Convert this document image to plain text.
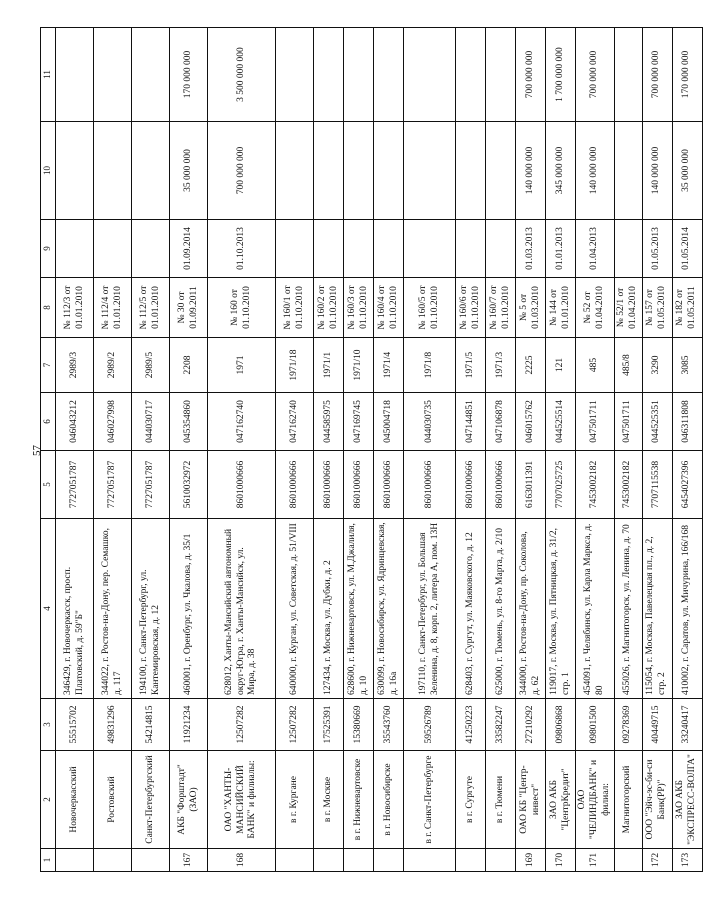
57
1	2	3	4	5	6	7	8	9	10	11
	Новочеркасский	55515702	346429, г. Новочеркасск, просп. Платовский, д. 59"Б"	7727051787	046043212	2989/3	№ 112/3 от 01.01.2010			
	Ростовский	49831296	344022, г. Ростов-на-Дону, пер. Семашко, д. 117	7727051787	046027998	2989/2	№ 112/4 от 01.01.2010			
	Санкт-Петербургский	54214815	194100, г. Санкт-Петербург, ул. Кантемировская, д. 12	7727051787	044030717	2989/5	№ 112/5 от 01.01.2010			
167	АКБ "Форштадт" (ЗАО)	11921234	460001, г. Оренбург, ул. Чкалова, д. 35/1	5610032972	045354860	2208	№ 30 от 01.09.2011	01.09.2014	35 000 000	170 000 000
168	ОАО "ХАНТЫ-МАНСИЙСКИЙ БАНК" и филиалы:	12507282	628012, Ханты-Мансийский автономный округ-Югра, г. Ханты-Мансийск, ул. Мира, д. 38	8601000666	047162740	1971	№ 160 от 01.10.2010	01.10.2013	700 000 000	3 500 000 000
	в г. Кургане	12507282	640000, г. Курган, ул. Советская, д. 51/VIII	8601000666	047162740	1971/18	№ 160/1 от 01.10.2010			
	в г. Москве	17525391	127434, г. Москва, ул. Дубки, д. 2	8601000666	044585975	1971/1	№ 160/2 от 01.10.2010			
	в г. Нижневартовске	15380669	628600, г. Нижневартовск, ул. М.Джалиля, д. 10	8601000666	047169745	1971/10	№ 160/3 от 01.10.2010			
	в г. Новосибирске	35543760	630099, г. Новосибирск, ул. Ядринцевская, д. 16а	8601000666	045004718	1971/4	№ 160/4 от 01.10.2010			
	в г. Санкт-Петербурге	59526789	197110, г. Санкт-Петербург, ул. Большая Зеленина, д. 8, корп. 2, литера А, пом. 13Н	8601000666	044030735	1971/8	№ 160/5 от 01.10.2010			
	в г. Сургуте	41250223	628403, г. Сургут, ул. Маяковского, д. 12	8601000666	047144851	1971/5	№ 160/6 от 01.10.2010			
	в г. Тюмени	33582247	625000, г. Тюмень, ул. 8-го Марта, д. 2/10	8601000666	047106878	1971/3	№ 160/7 от 01.10.2010			
169	ОАО КБ "Центр-инвест"	27210292	344000, г. Ростов-на-Дону, пр. Соколова, д. 62	6163011391	046015762	2225	№ 5 от 01.03.2010	01.03.2013	140 000 000	700 000 000
170	ЗАО АКБ "ЦентрКредит"	09806868	119017, г. Москва, ул. Пятницкая, д. 31/2, стр. 1	7707025725	044525514	121	№ 144 от 01.01.2010	01.01.2013	345 000 000	1 700 000 000
171	ОАО "ЧЕЛИНДБАНК" и филиал:	09801500	454091, г. Челябинск, ул. Карла Маркса, д. 80	7453002182	047501711	485	№ 52 от 01.04.2010	01.04.2013	140 000 000	700 000 000
	Магнитогорский	09278369	455026, г. Магнитогорск, ул. Ленина, д. 70	7453002182	047501711	485/8	№ 52/1 от 01.04.2010			
172	ООО "Эйч-эс-би-си Банк(РР)"	40449715	115054, г. Москва, Павелецкая пл., д. 2, стр. 2	7707115538	044525351	3290	№ 157 от 01.05.2010	01.05.2013	140 000 000	700 000 000
173	ЗАО АКБ "ЭКСПРЕСС-ВОЛГА"	33240417	410002, г. Саратов, ул. Мичурина, 166/168	6454027396	046311808	3085	№ 182 от 01.05.2011	01.05.2014	35 000 000	170 000 000
